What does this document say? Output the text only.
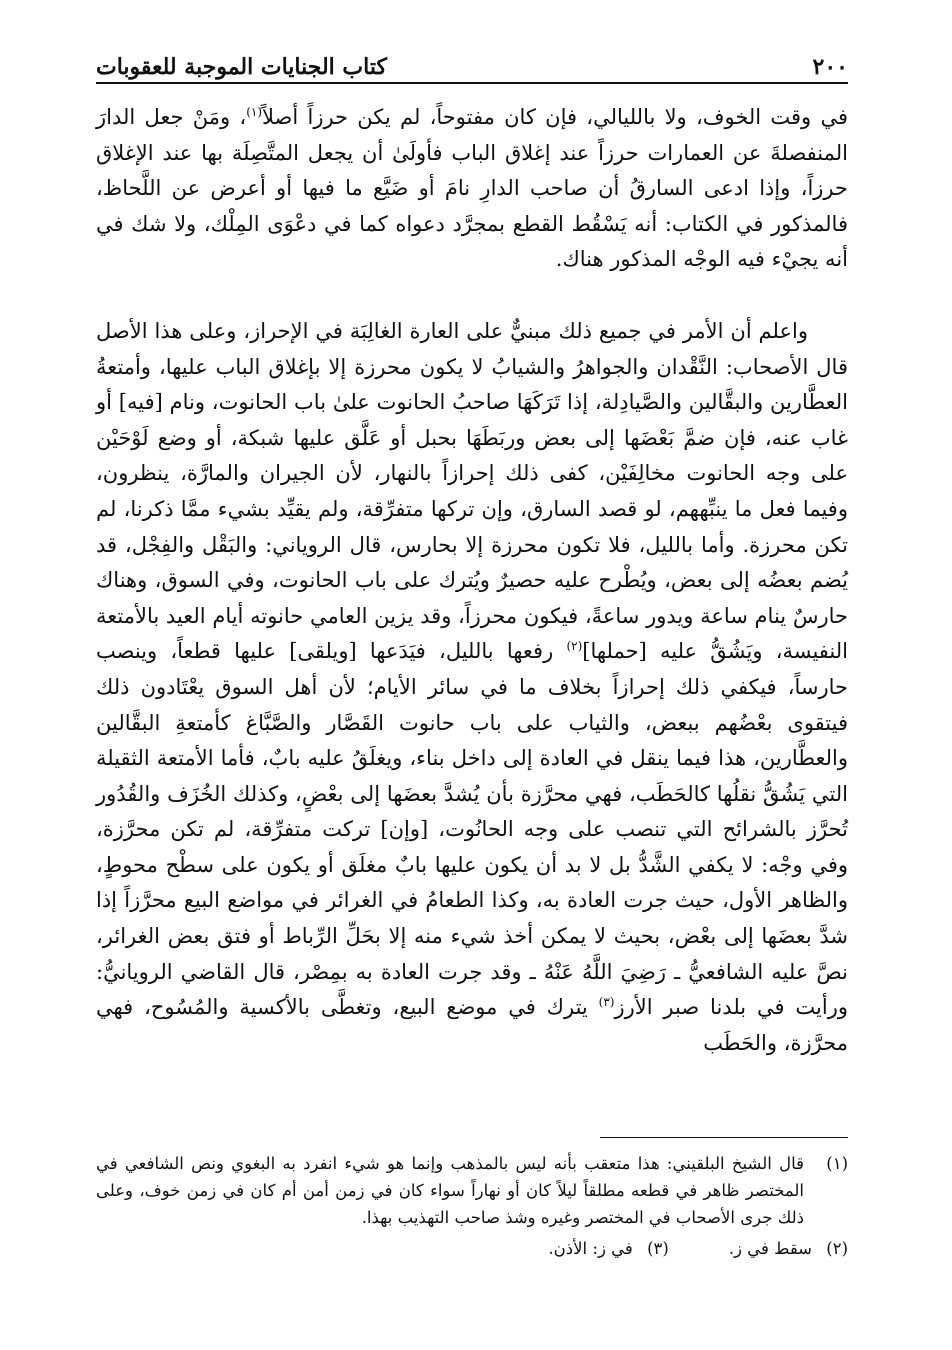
٢٠٠
كتاب الجنايات الموجبة للعقوبات

في وقت الخوف، ولا بالليالي، فإن كان مفتوحاً، لم يكن حرزاً أصلاً$^{(١)}$، ومَنْ جعل الدارَ المنفصلةَ عن العمارات حرزاً عند إغلاق الباب فأولَىٰ أن يجعل المتَّصِلَة بها عند الإغلاق حرزاً، وإذا ادعى السارقُ أن صاحب الدارِ نامَ أو ضَيَّع ما فيها أو أعرض عن اللَّحاظ، فالمذكور في الكتاب: أنه يَسْقُط القطع بمجرَّد دعواه كما في دعْوَى المِلْك، ولا شك في أنه يجيْء فيه الوجْه المذكور هناك.

واعلم أن الأمر في جميع ذلك مبنيٌّ على العارة الغالِبَة في الإحراز، وعلى هذا الأصل قال الأصحاب: النَّقْدان والجواهرُ والشيابُ لا يكون محرزة إلا بإغلاق الباب عليها، وأمتعةُ العطَّارين والبقَّالين والصَّيادِلة، إذا تَرَكَهَا صاحبُ الحانوت علىٰ باب الحانوت، ونام [فيه] أو غاب عنه، فإن ضمَّ بَعْضَها إلى بعض وربَطَهَا بحبل أو عَلَّق عليها شبكة، أو وضع لَوْحَيْن على وجه الحانوت مخالِفَيْن، كفى ذلك إحرازاً بالنهار، لأن الجيران والمارَّة، ينظرون، وفيما فعل ما ينبِّههم، لو قصد السارق، وإن تركها متفرِّقة، ولم يقيِّد بشيء ممَّا ذكرنا، لم تكن محرزة. وأما بالليل، فلا تكون محرزة إلا بحارس، قال الروياني: والبَقْل والفِجْل، قد يُضم بعضُه إلى بعض، ويُطْرح عليه حصيرٌ ويُترك على باب الحانوت، وفي السوق، وهناك حارسٌ ينام ساعة ويدور ساعةً، فيكون محرزاً، وقد يزين العامي حانوته أيام العيد بالأمتعة النفيسة، ويَشُقُّ عليه [حملها]$^{(٢)}$ رفعها بالليل، فيَدَعها [ويلقى] عليها قطعاً، وينصب حارساً، فيكفي ذلك إحرازاً بخلاف ما في سائر الأيام؛ لأن أهل السوق يعْتَادون ذلك فيتقوى بعْضُهم ببعض، والثياب على باب حانوت القَصَّار والصَّبَّاغ كأمتعةِ البقَّالين والعطَّارين، هذا فيما ينقل في العادة إلى داخل بناء، ويغلَقُ عليه بابٌ، فأما الأمتعة الثقيلة التي يَشُقُّ نقلُها كالحَطَب، فهي محرَّزة بأن يُشدَّ بعضَها إلى بعْضٍ، وكذلك الخُزَف والقُدُور تُحرَّز بالشرائح التي تنصب على وجه الحانُوت، [وإن] تركت متفرِّقة، لم تكن محرَّزة، وفي وجْه: لا يكفي الشَّدُّ بل لا بد أن يكون عليها بابٌ مغلَق أو يكون على سطْح محوطٍ، والظاهر الأول، حيث جرت العادة به، وكذا الطعامُ في الغرائر في مواضع البيع محرَّزاً إذا شدَّ بعضَها إلى بعْض، بحيث لا يمكن أخذ شيء منه إلا بحَلِّ الرِّباط أو فتق بعض الغرائر، نصَّ عليه الشافعيُّ ـ رَضِيَ اللَّهُ عَنْهُ ـ وقد جرت العادة به بمِصْر، قال القاضي الرويانيُّ: ورأيت في بلدنا صبر الأرز$^{(٣)}$ يترك في موضع البيع، وتغطَّى بالأكسية والمُسُوح، فهي محرَّزة، والحَطَب

(١)
قال الشيخ البلقيني: هذا متعقب بأنه ليس بالمذهب وإنما هو شيء انفرد به البغوي ونص الشافعي في المختصر ظاهر في قطعه مطلقاً ليلاً كان أو نهاراً سواء كان في زمن أمن أم كان في زمن خوف، وعلى ذلك جرى الأصحاب في المختصر وغيره وشذ صاحب التهذيب بهذا.
(٢)
سقط في ز.
(٣)
في ز: الأذن.
